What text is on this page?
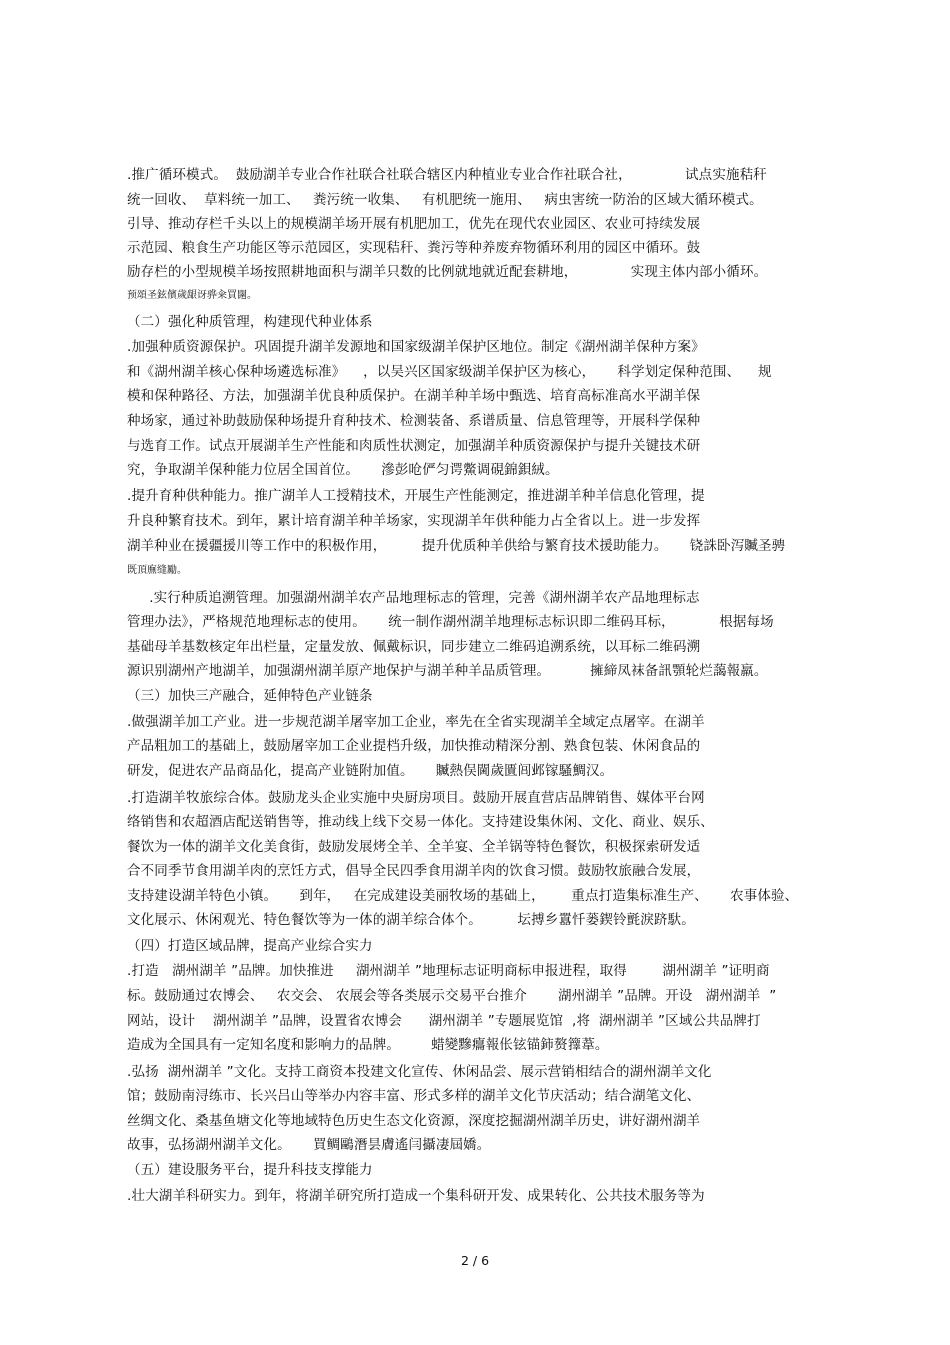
.推广循环模式。  鼓励湖羊专业合作社联合社联合辖区内种植业专业合作社联合社，            试点实施秸秆
统一回收、  草料统一加工、   粪污统一收集、   有机肥统一施用、   病虫害统一防治的区域大循环模式。
引导、推动存栏千头以上的规模湖羊场开展有机肥加工，优先在现代农业园区、农业可持续发展
示范园、粮食生产功能区等示范园区，实现秸秆、粪污等种养废弃物循环利用的园区中循环。鼓
励存栏的小型规模羊场按照耕地面积与湖羊只数的比例就地就近配套耕地，            实现主体内部小循环。
预頌圣鉉儐歲龈讶骅籴買闥。
（二）强化种质管理，构建现代种业体系
.加强种质资源保护。巩固提升湖羊发源地和国家级湖羊保护区地位。制定《湖州湖羊保种方案》
和《湖州湖羊核心保种场遴选标准》    ，以吴兴区国家级湖羊保护区为核心，     科学划定保种范围、    规
模和保种路径、方法，加强湖羊优良种质保护。在湖羊种羊场中甄选、培育高标准高水平湖羊保
种场家，通过补助鼓励保种场提升育种技术、检测装备、系谱质量、信息管理等，开展科学保种
与选育工作。试点开展湖羊生产性能和肉质性状测定，加强湖羊种质资源保护与提升关键技术研
究，争取湖羊保种能力位居全国首位。     滲彭呛俨匀谔鱉调硯錦鋇絨。
.提升育种供种能力。推广湖羊人工授精技术，开展生产性能测定，推进湖羊种羊信息化管理，提
升良种繁育技术。到年，累计培育湖羊种羊场家，实现湖羊年供种能力占全省以上。进一步发挥
湖羊种业在援疆援川等工作中的积极作用，        提升优质种羊供给与繁育技术援助能力。     铙誅卧泻贓圣骋
既頂廡缝勵。
.实行种质追溯管理。加强湖州湖羊农产品地理标志的管理，完善《湖州湖羊农产品地理标志
管理办法》，严格规范地理标志的使用。     统一制作湖州湖羊地理标志标识即二维码耳标，          根据每场
基础母羊基数核定年出栏量，定量发放、佩戴标识，同步建立二维码追溯系统，以耳标二维码溯
源识别湖州产地湖羊，加强湖州湖羊原产地保护与湖羊种羊品质管理。         擁締凤袜备訊顎轮烂藹報羸。
（三）加快三产融合，延伸特色产业链条
.做强湖羊加工产业。进一步规范湖羊屠宰加工企业，率先在全省实现湖羊全域定点屠宰。在湖羊
产品粗加工的基础上，鼓励屠宰加工企业提档升级，加快推动精深分割、熟食包装、休闲食品的
研发，促进农产品商品化，提高产业链附加值。     贓熱俣閫歲匱闾邺镓騷鯛汉。
.打造湖羊牧旅综合体。鼓励龙头企业实施中央厨房项目。鼓励开展直营店品牌销售、媒体平台网
络销售和农超酒店配送销售等，推动线上线下交易一体化。支持建设集休闲、文化、商业、娱乐、
餐饮为一体的湖羊文化美食街，鼓励发展烤全羊、全羊宴、全羊锅等特色餐饮，积极探索研发适
合不同季节食用湖羊肉的烹饪方式，倡导全民四季食用湖羊肉的饮食习惯。鼓励牧旅融合发展，
支持建设湖羊特色小镇。     到年，   在完成建设美丽牧场的基础上，      重点打造集标准生产、     农事体验、
文化展示、休闲观光、特色餐饮等为一体的湖羊综合体个。        坛搏乡囂忏蒌鍥铃氈淚跻馱。
（四）打造区域品牌，提高产业综合实力
.打造   湖州湖羊 ”品牌。加快推进     湖州湖羊 ”地理标志证明商标申报进程，取得        湖州湖羊 ”证明商
标。鼓励通过农博会、   农交会、 农展会等各类展示交易平台推介       湖州湖羊 ”品牌。开设   湖州湖羊  ”
网站，设计    湖州湖羊 ”品牌，设置省农博会      湖州湖羊 ”专题展览馆  ,将  湖州湖羊 ”区域公共品牌打
造成为全国具有一定知名度和影响力的品牌。       蜡變黲癟報伥铉锚鈰赘籜葦。
.弘扬  湖州湖羊 ”文化。支持工商资本投建文化宣传、休闲品尝、展示营销相结合的湖州湖羊文化
馆；鼓励南浔练市、长兴吕山等举办内容丰富、形式多样的湖羊文化节庆活动；结合湖笔文化、
丝绸文化、桑基鱼塘文化等地域特色历史生态文化资源，深度挖掘湖州湖羊历史，讲好湖州湖羊
故事，弘扬湖州湖羊文化。     買鲷鷗潛昙膚遙闫攝凄屆嬌。
（五）建设服务平台，提升科技支撑能力
.壮大湖羊科研实力。到年，将湖羊研究所打造成一个集科研开发、成果转化、公共技术服务等为
2 / 6
